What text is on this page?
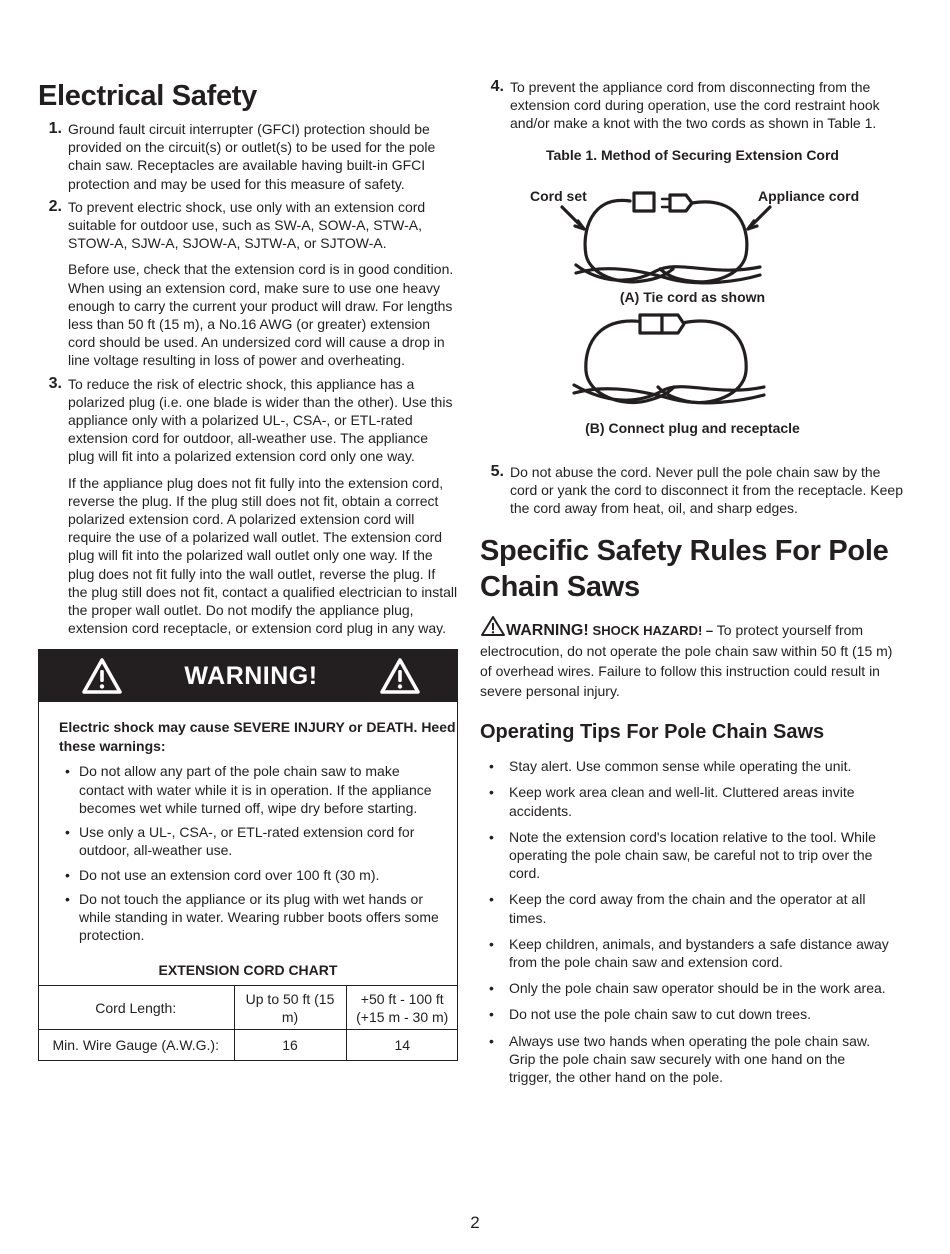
Electrical Safety
1. Ground fault circuit interrupter (GFCI) protection should be provided on the circuit(s) or outlet(s) to be used for the pole chain saw. Receptacles are available having built-in GFCI protection and may be used for this measure of safety.

2. To prevent electric shock, use only with an extension cord suitable for outdoor use, such as SW-A, SOW-A, STW-A, STOW-A, SJW-A, SJOW-A, SJTW-A, or SJTOW-A.

Before use, check that the extension cord is in good condition. When using an extension cord, make sure to use one heavy enough to carry the current your product will draw. For lengths less than 50 ft (15 m), a No.16 AWG (or greater) extension cord should be used. An undersized cord will cause a drop in line voltage resulting in loss of power and overheating.

3. To reduce the risk of electric shock, this appliance has a polarized plug (i.e. one blade is wider than the other). Use this appliance only with a polarized UL-, CSA-, or ETL-rated extension cord for outdoor, all-weather use. The appliance plug will fit into a polarized extension cord only one way.

If the appliance plug does not fit fully into the extension cord, reverse the plug. If the plug still does not fit, obtain a correct polarized extension cord. A polarized extension cord will require the use of a polarized wall outlet. The extension cord plug will fit into the polarized wall outlet only one way. If the plug does not fit fully into the wall outlet, reverse the plug. If the plug still does not fit, contact a qualified electrician to install the proper wall outlet. Do not modify the appliance plug, extension cord receptacle, or extension cord plug in any way.

WARNING!

Electric shock may cause SEVERE INJURY or DEATH. Heed these warnings:

• Do not allow any part of the pole chain saw to make contact with water while it is in operation. If the appliance becomes wet while turned off, wipe dry before starting.
• Use only a UL-, CSA-, or ETL-rated extension cord for outdoor, all-weather use.
• Do not use an extension cord over 100 ft (30 m).
• Do not touch the appliance or its plug with wet hands or while standing in water. Wearing rubber boots offers some protection.
EXTENSION CORD CHART
Cord Length:	Up to 50 ft (15 m)	+50 ft - 100 ft (+15 m - 30 m)
Min. Wire Gauge (A.W.G.):	16	14
4. To prevent the appliance cord from disconnecting from the extension cord during operation, use the cord restraint hook and/or make a knot with the two cords as shown in Table 1.

Table 1. Method of Securing Extension Cord
Cord set	Appliance cord
(A) Tie cord as shown
(B) Connect plug and receptacle
5. Do not abuse the cord. Never pull the pole chain saw by the cord or yank the cord to disconnect it from the receptacle. Keep the cord away from heat, oil, and sharp edges.

Specific Safety Rules For Pole Chain Saws

WARNING! SHOCK HAZARD! – To protect yourself from electrocution, do not operate the pole chain saw within 50 ft (15 m) of overhead wires. Failure to follow this instruction could result in severe personal injury.

Operating Tips For Pole Chain Saws
•	Stay alert. Use common sense while operating the unit.
•	Keep work area clean and well-lit. Cluttered areas invite accidents.
•	Note the extension cord's location relative to the tool. While operating the pole chain saw, be careful not to trip over the cord.
•	Keep the cord away from the chain and the operator at all times.
•	Keep children, animals, and bystanders a safe distance away from the pole chain saw and extension cord.
•	Only the pole chain saw operator should be in the work area.
•	Do not use the pole chain saw to cut down trees.
•	Always use two hands when operating the pole chain saw. Grip the pole chain saw securely with one hand on the trigger, the other hand on the pole.
2
